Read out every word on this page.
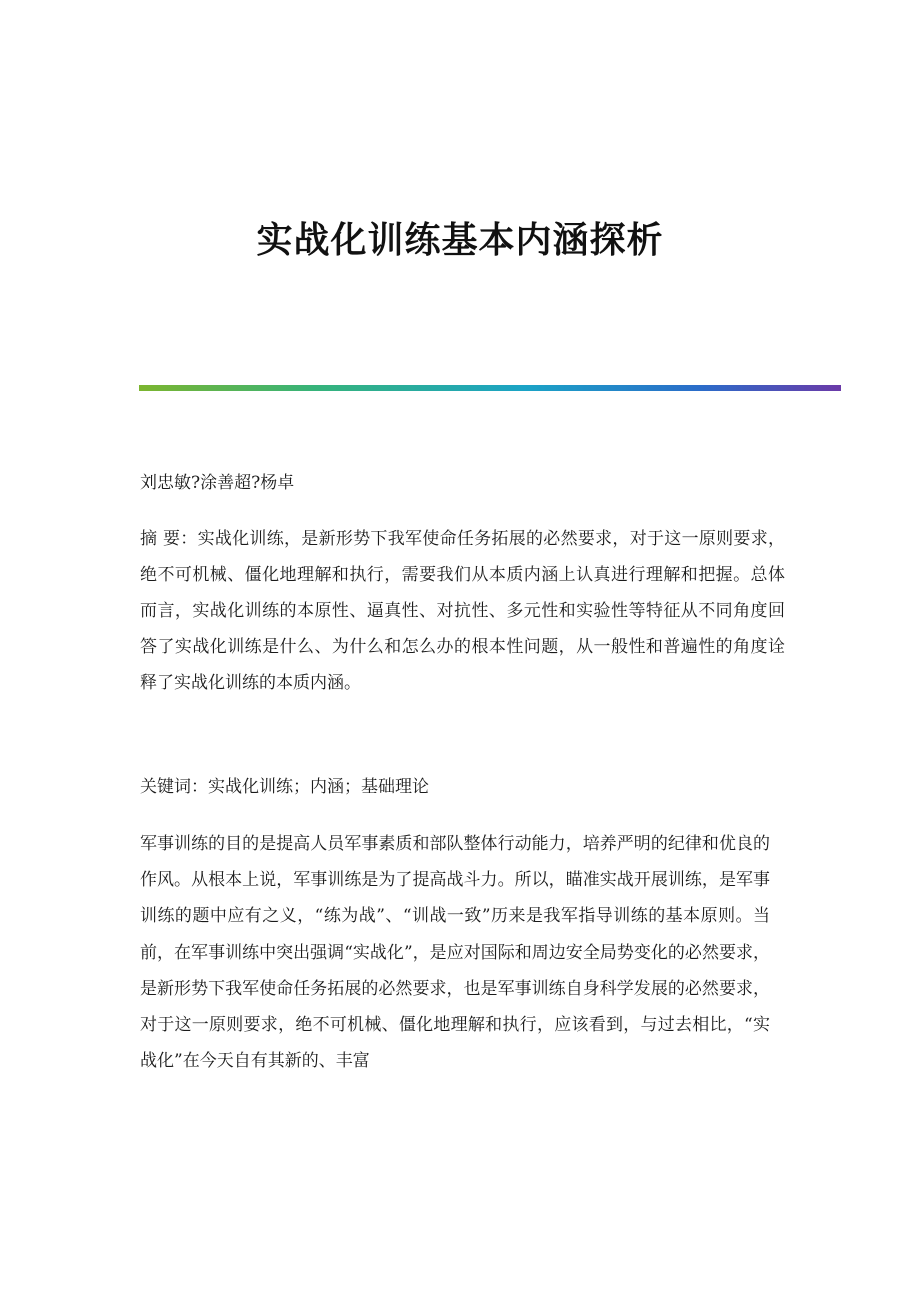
实战化训练基本内涵探析
刘忠敏?涂善超?杨卓
摘 要：实战化训练，是新形势下我军使命任务拓展的必然要求，对于这一原则要求，绝不可机械、僵化地理解和执行，需要我们从本质内涵上认真进行理解和把握。总体而言，实战化训练的本原性、逼真性、对抗性、多元性和实验性等特征从不同角度回答了实战化训练是什么、为什么和怎么办的根本性问题，从一般性和普遍性的角度诠释了实战化训练的本质内涵。
关键词：实战化训练；内涵；基础理论
军事训练的目的是提高人员军事素质和部队整体行动能力，培养严明的纪律和优良的作风。从根本上说，军事训练是为了提高战斗力。所以，瞄准实战开展训练，是军事训练的题中应有之义，“练为战”、“训战一致”历来是我军指导训练的基本原则。当前，在军事训练中突出强调“实战化”，是应对国际和周边安全局势变化的必然要求，是新形势下我军使命任务拓展的必然要求，也是军事训练自身科学发展的必然要求，对于这一原则要求，绝不可机械、僵化地理解和执行，应该看到，与过去相比，“实战化”在今天自有其新的、丰富
